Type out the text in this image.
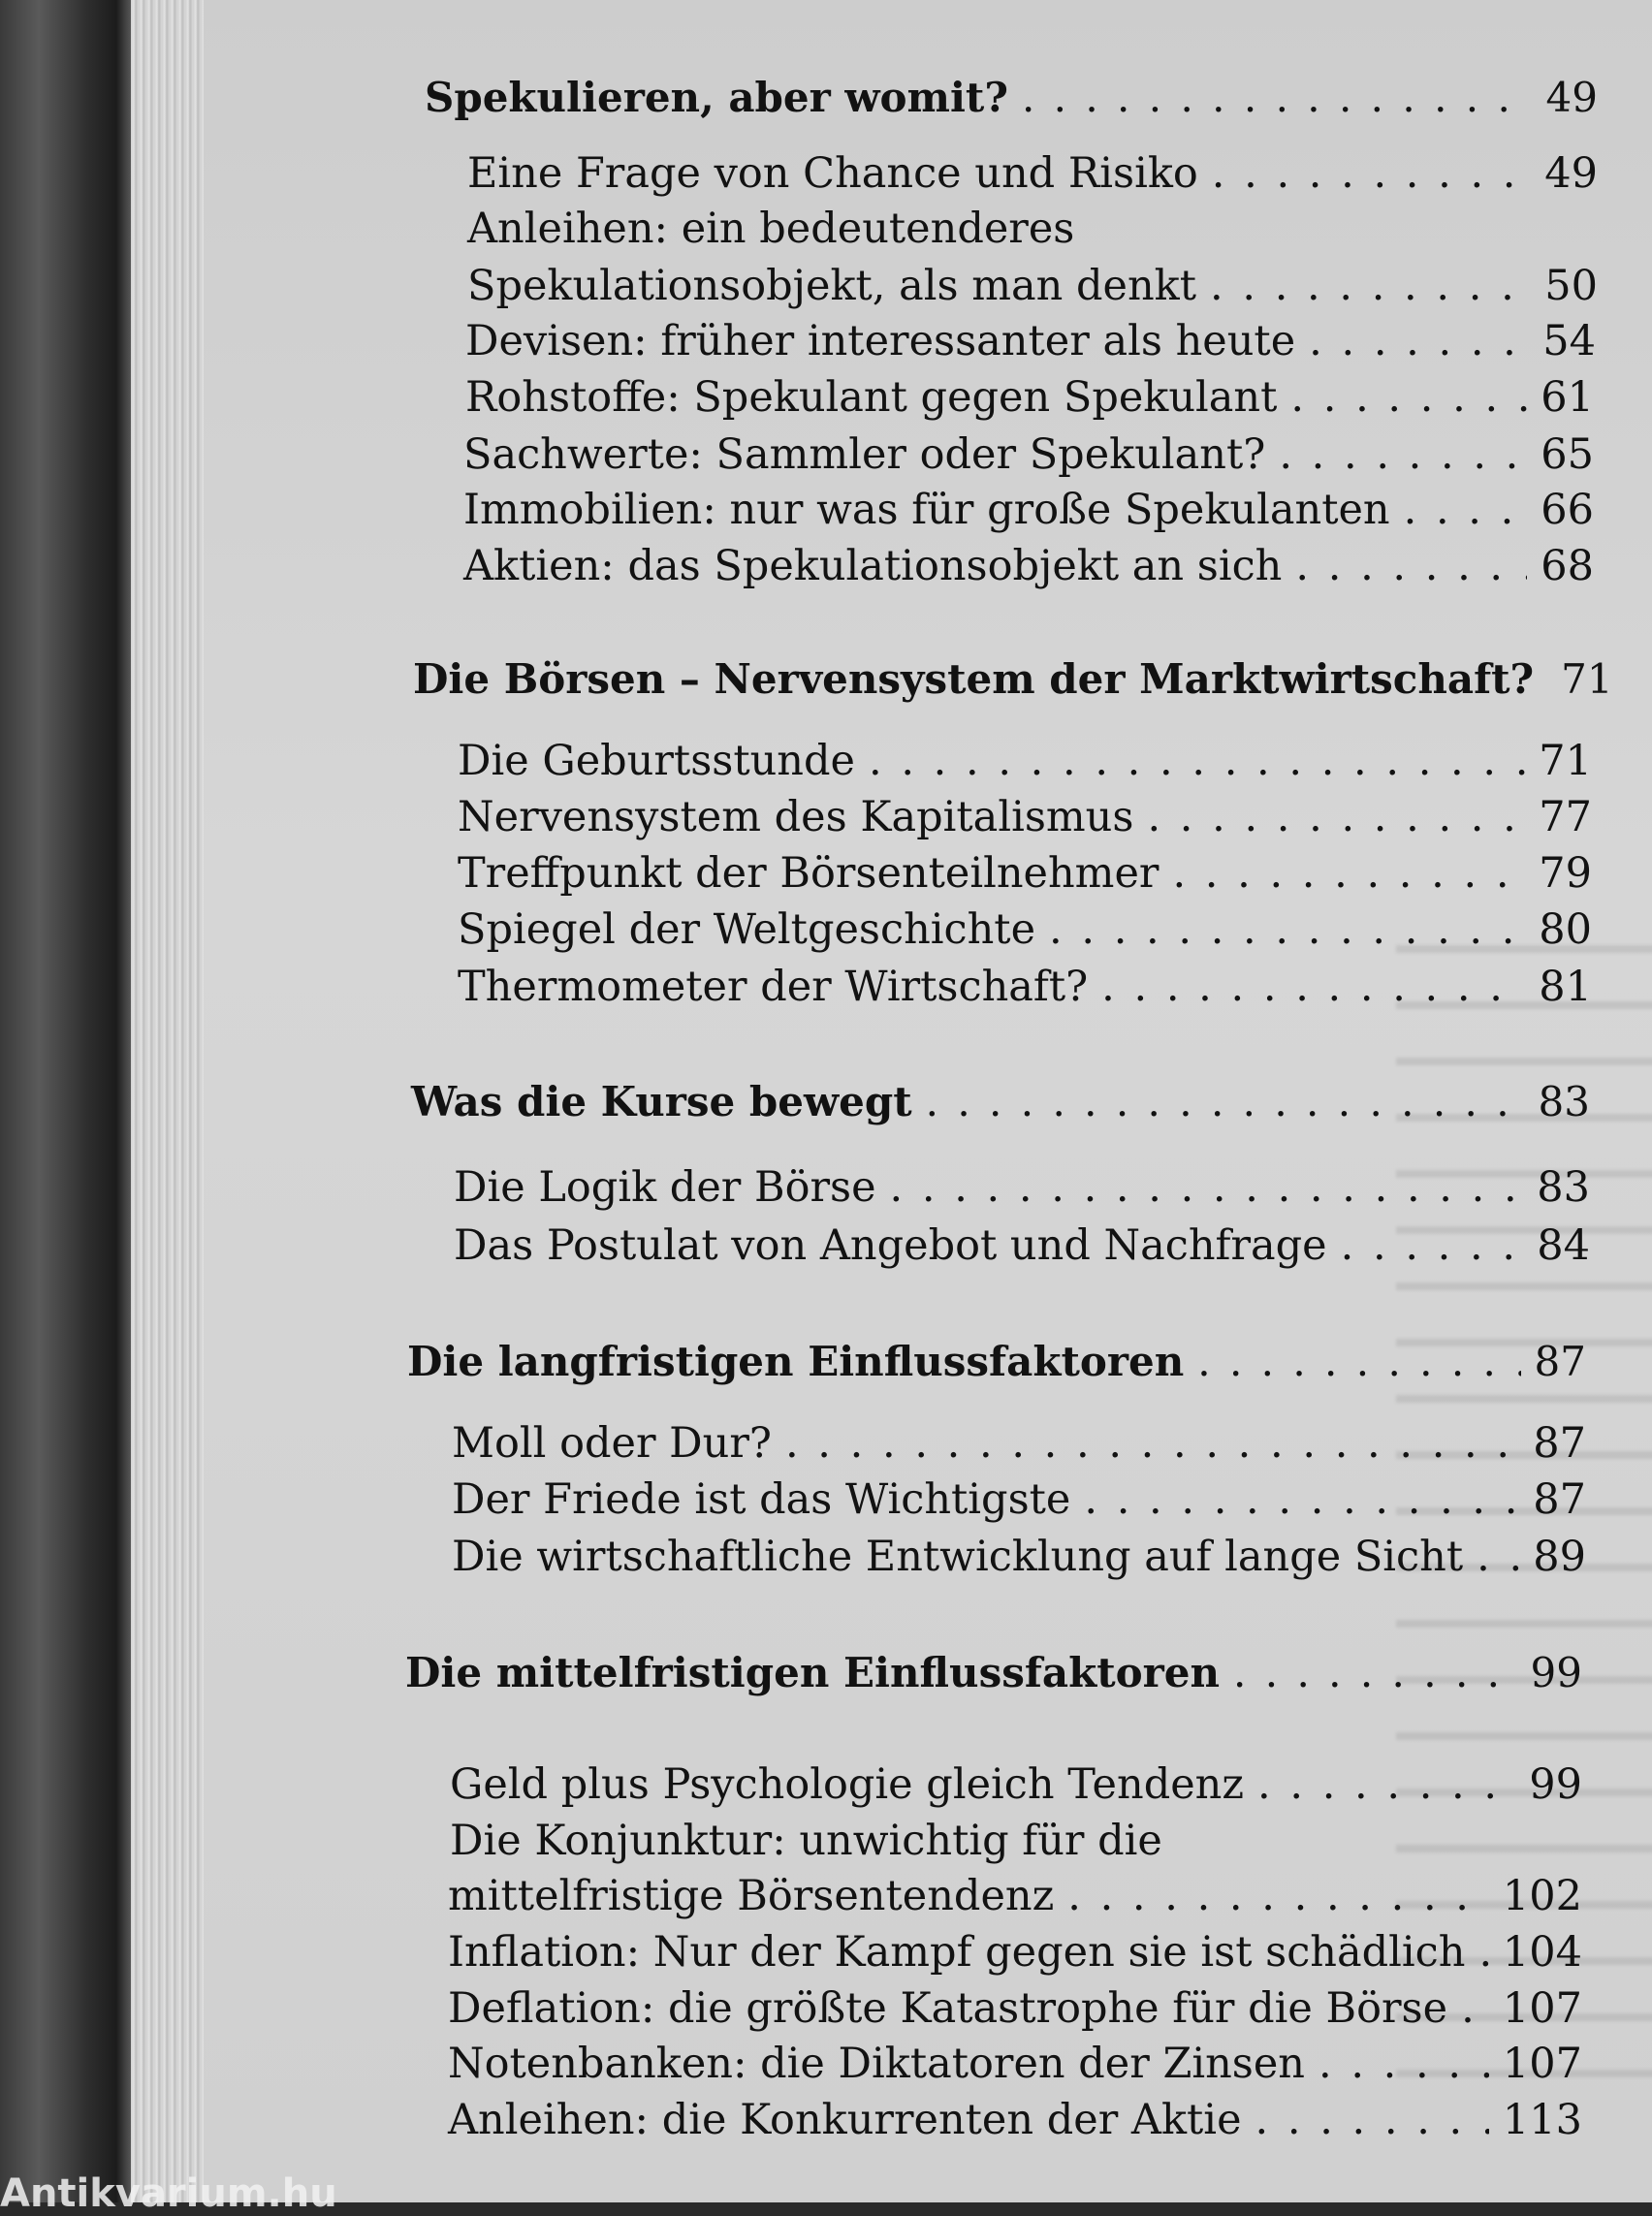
Spekulieren, aber womit? . . .	49
Eine Frage von Chance und Risiko . . .	49
Anleihen: ein bedeutenderes
Spekulationsobjekt, als man denkt . . .	50
Devisen: früher interessanter als heute . . .	54
Rohstoffe: Spekulant gegen Spekulant . . .	61
Sachwerte: Sammler oder Spekulant? . . .	65
Immobilien: nur was für große Spekulanten . . .	66
Aktien: das Spekulationsobjekt an sich . . .	68
Die Börsen – Nervensystem der Marktwirtschaft? 71
Die Geburtsstunde . . .	71
Nervensystem des Kapitalismus . . .	77
Treffpunkt der Börsenteilnehmer . . .	79
Spiegel der Weltgeschichte . . .	80
Thermometer der Wirtschaft? . . .	81
Was die Kurse bewegt . . .	83
Die Logik der Börse . . .	83
Das Postulat von Angebot und Nachfrage . . .	84
Die langfristigen Einflussfaktoren . . .	87
Moll oder Dur? . . .	87
Der Friede ist das Wichtigste . . .	87
Die wirtschaftliche Entwicklung auf lange Sicht . . . 89
Die mittelfristigen Einflussfaktoren . . .	99
Geld plus Psychologie gleich Tendenz . . .	99
Die Konjunktur: unwichtig für die
mittelfristige Börsentendenz . . .	102
Inflation: Nur der Kampf gegen sie ist schädlich . . . 104
Deflation: die größte Katastrophe für die Börse . . . 107
Notenbanken: die Diktatoren der Zinsen . . .	107
Anleihen: die Konkurrenten der Aktie . . .	113
Antikvarium.hu
